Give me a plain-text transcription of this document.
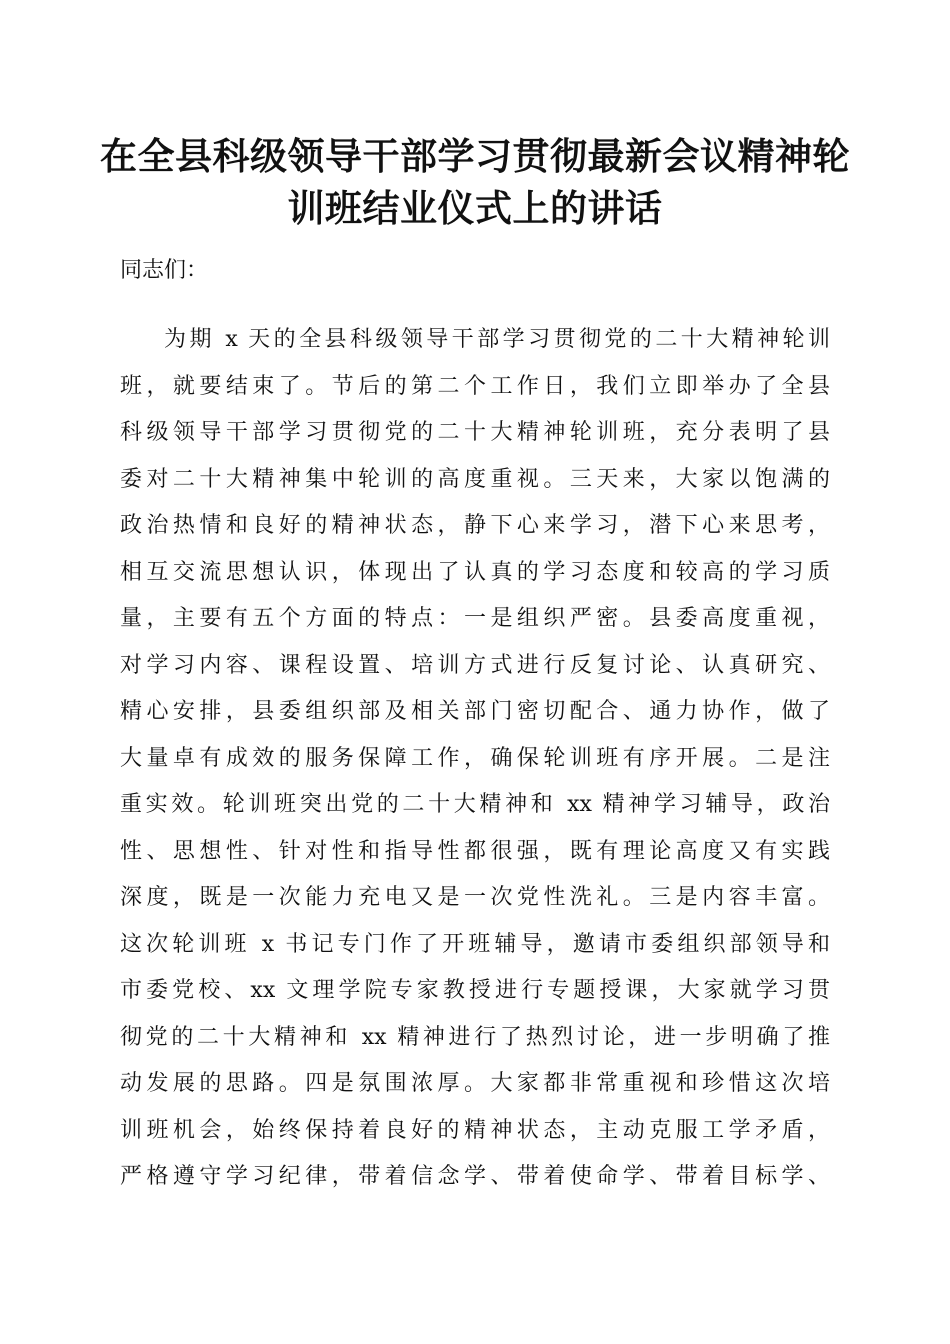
在全县科级领导干部学习贯彻最新会议精神轮
训班结业仪式上的讲话

同志们：

为期 x 天的全县科级领导干部学习贯彻党的二十大精神轮训
班，就要结束了。节后的第二个工作日，我们立即举办了全县
科级领导干部学习贯彻党的二十大精神轮训班，充分表明了县
委对二十大精神集中轮训的高度重视。三天来，大家以饱满的
政治热情和良好的精神状态，静下心来学习，潜下心来思考，
相互交流思想认识，体现出了认真的学习态度和较高的学习质
量，主要有五个方面的特点：一是组织严密。县委高度重视，
对学习内容、课程设置、培训方式进行反复讨论、认真研究、
精心安排，县委组织部及相关部门密切配合、通力协作，做了
大量卓有成效的服务保障工作，确保轮训班有序开展。二是注
重实效。轮训班突出党的二十大精神和 xx 精神学习辅导，政治
性、思想性、针对性和指导性都很强，既有理论高度又有实践
深度，既是一次能力充电又是一次党性洗礼。三是内容丰富。
这次轮训班 x 书记专门作了开班辅导，邀请市委组织部领导和
市委党校、xx 文理学院专家教授进行专题授课，大家就学习贯
彻党的二十大精神和 xx 精神进行了热烈讨论，进一步明确了推
动发展的思路。四是氛围浓厚。大家都非常重视和珍惜这次培
训班机会，始终保持着良好的精神状态，主动克服工学矛盾，
严格遵守学习纪律，带着信念学、带着使命学、带着目标学、
